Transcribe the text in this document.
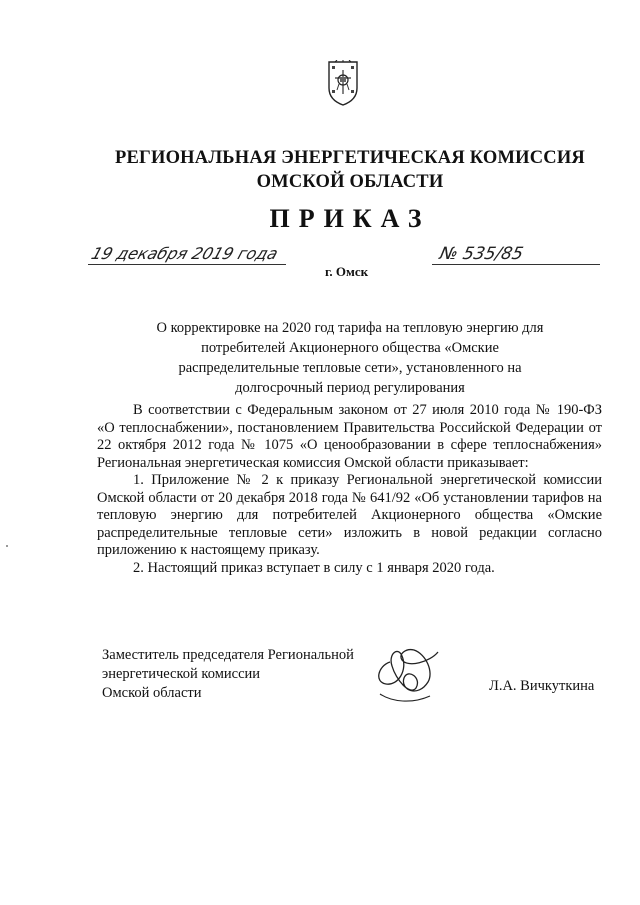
РЕГИОНАЛЬНАЯ ЭНЕРГЕТИЧЕСКАЯ КОМИССИЯ
ОМСКОЙ ОБЛАСТИ
ПРИКАЗ
19 декабря 2019 года
г. Омск
№ 535/85
О корректировке на 2020 год тарифа на тепловую энергию для потребителей Акционерного общества «Омские распределительные тепловые сети», установленного на долгосрочный период регулирования

В соответствии с Федеральным законом от 27 июля 2010 года № 190-ФЗ «О теплоснабжении», постановлением Правительства Российской Федерации от 22 октября 2012 года № 1075 «О ценообразовании в сфере теплоснабжения» Региональная энергетическая комиссия Омской области приказывает:

1. Приложение № 2 к приказу Региональной энергетической комиссии Омской области от 20 декабря 2018 года № 641/92 «Об установлении тарифов на тепловую энергию для потребителей Акционерного общества «Омские распределительные тепловые сети» изложить в новой редакции согласно приложению к настоящему приказу.

2. Настоящий приказ вступает в силу с 1 января 2020 года.

Заместитель председателя Региональной
энергетической комиссии
Омской области	Л.А. Вичкуткина
